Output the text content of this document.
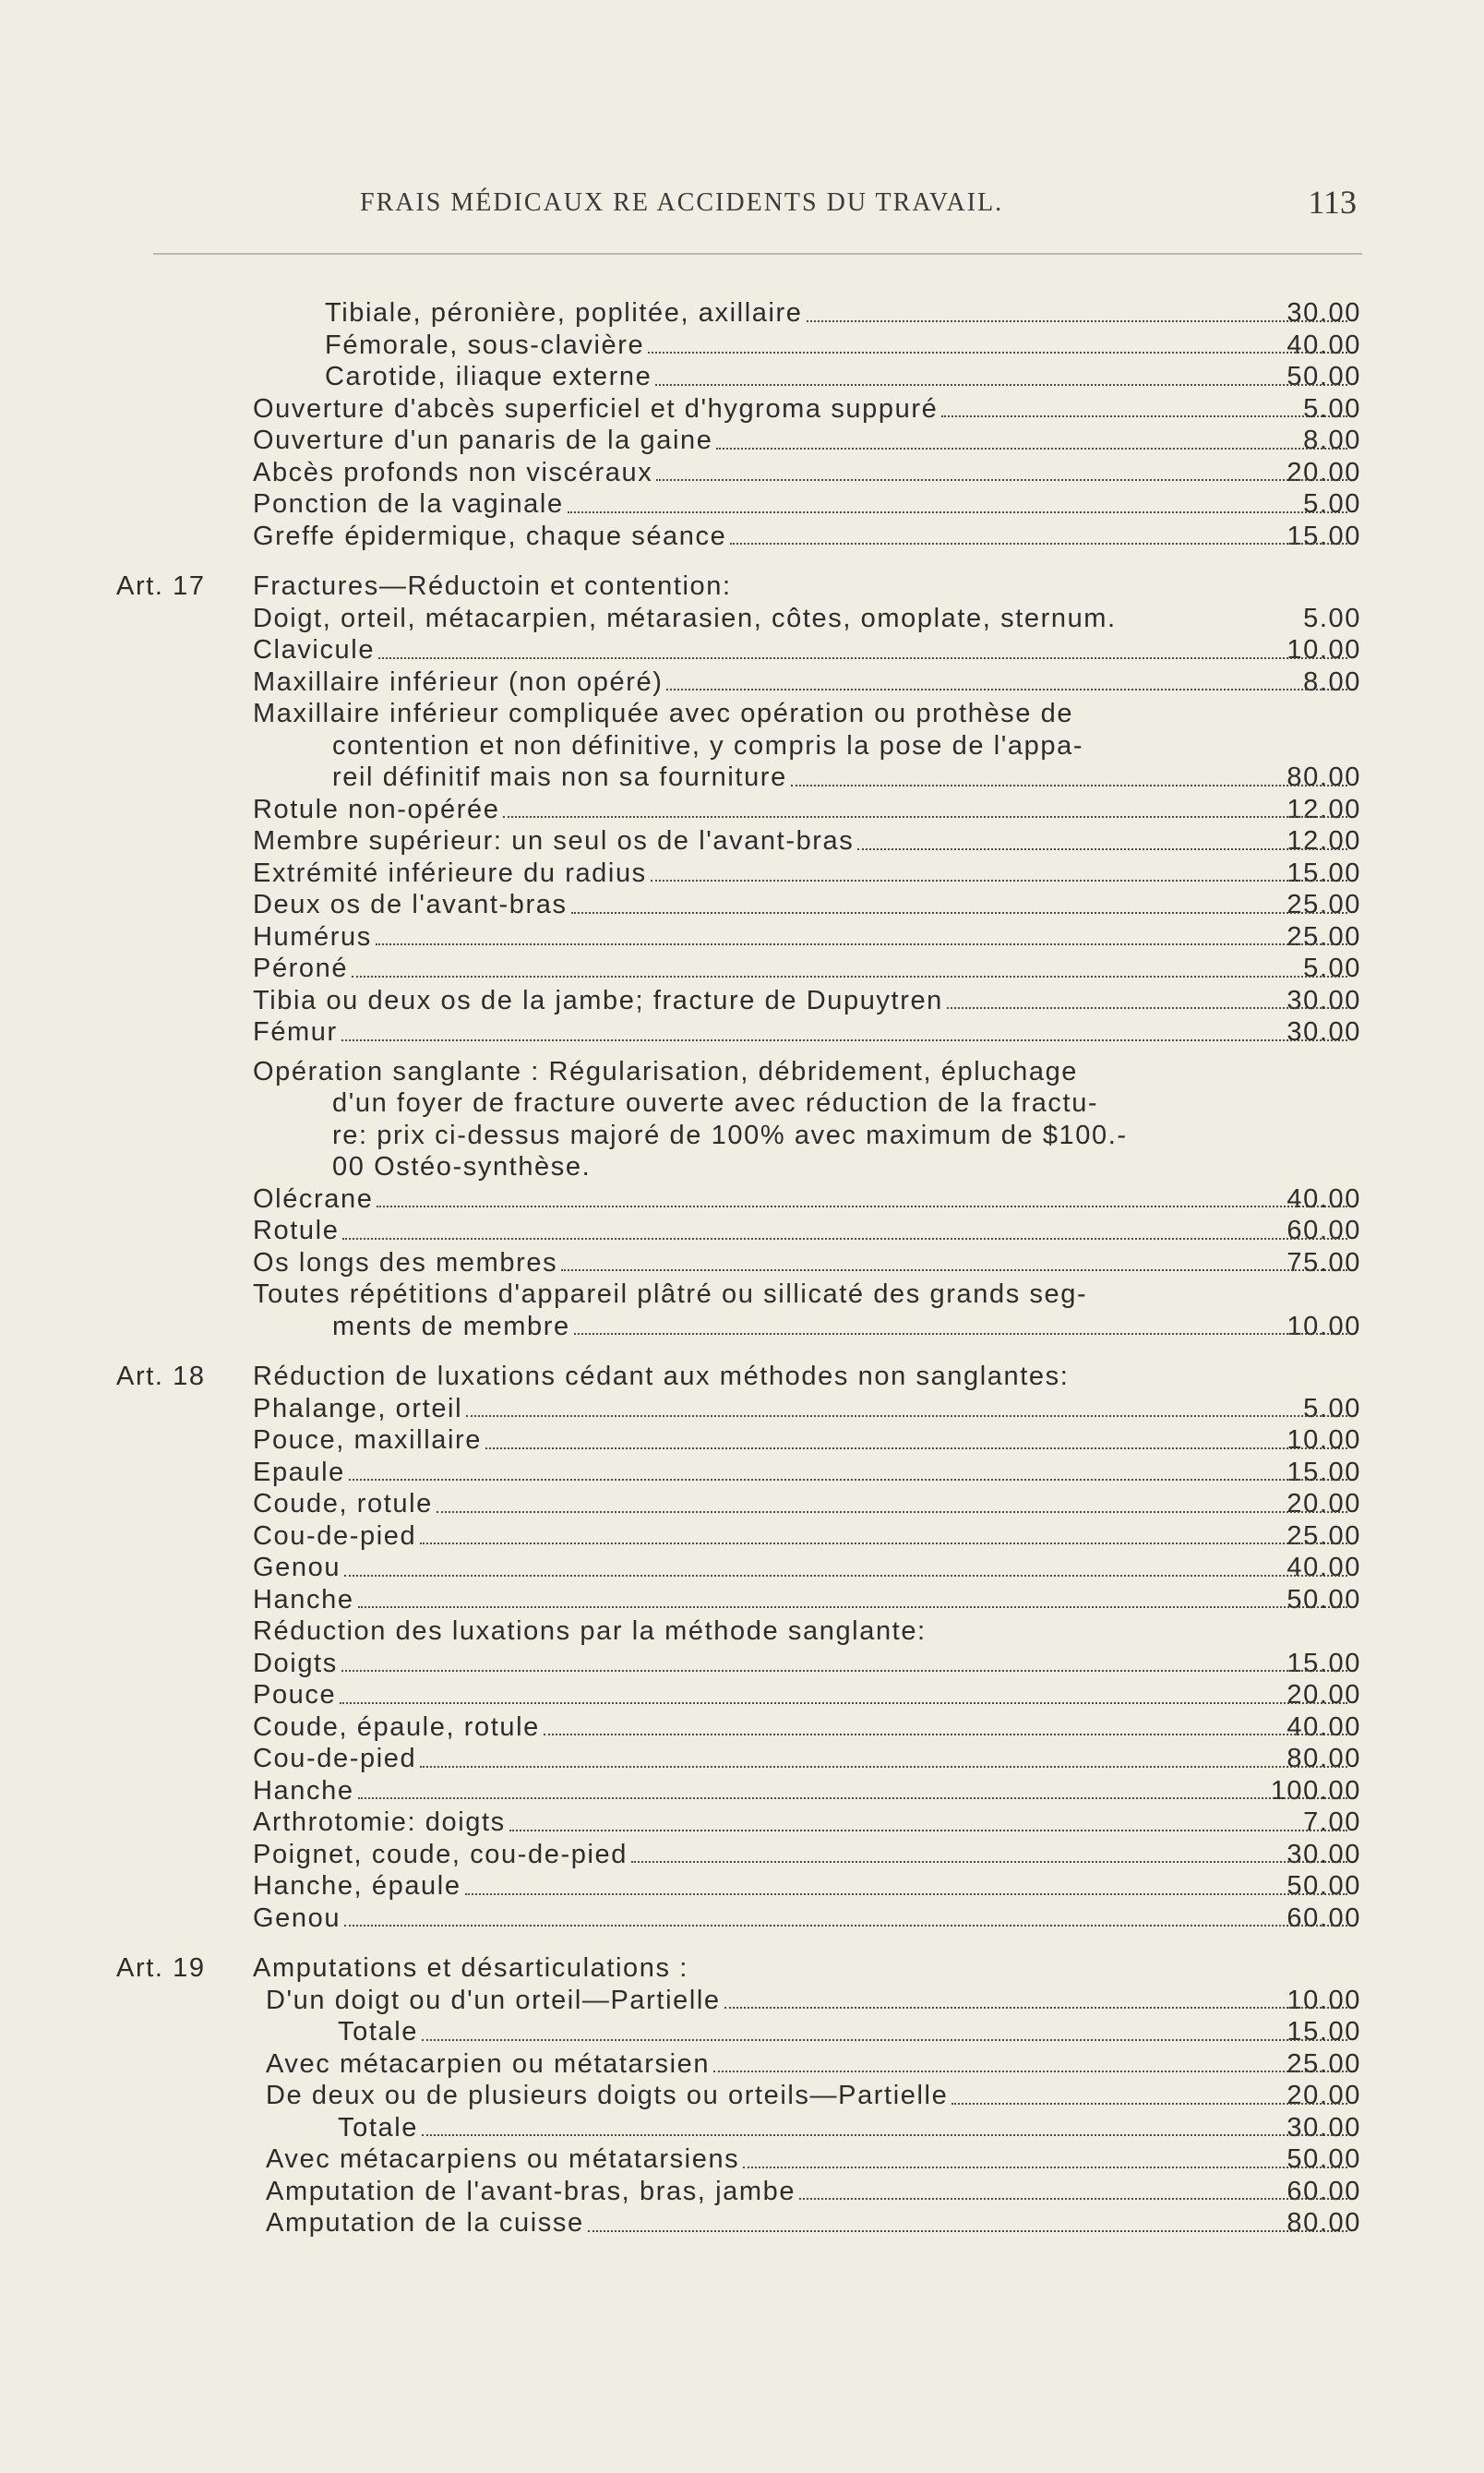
FRAIS MÉDICAUX RE ACCIDENTS DU TRAVAIL.	113
Tibiale, péronière, poplitée, axillaire	30.00
Fémorale, sous-clavière	40.00
Carotide, iliaque externe	50.00
Ouverture d'abcès superficiel et d'hygroma suppuré	5.00
Ouverture d'un panaris de la gaine	8.00
Abcès profonds non viscéraux	20.00
Ponction de la vaginale	5.00
Greffe épidermique, chaque séance	15.00
Art. 17 Fractures—Réductoin et contention:
Doigt, orteil, métacarpien, métarasien, côtes, omoplate, sternum.	5.00
Clavicule	10.00
Maxillaire inférieur (non opéré)	8.00
Maxillaire inférieur compliquée avec opération ou prothèse de
contention et non définitive, y compris la pose de l'appa-
reil définitif mais non sa fourniture	80.00
Rotule non-opérée	12.00
Membre supérieur: un seul os de l'avant-bras	12.00
Extrémité inférieure du radius	15.00
Deux os de l'avant-bras	25.00
Humérus	25.00
Péroné	5.00
Tibia ou deux os de la jambe; fracture de Dupuytren	30.00
Fémur	30.00
Opération sanglante : Régularisation, débridement, épluchage
d'un foyer de fracture ouverte avec réduction de la fractu-
re: prix ci-dessus majoré de 100% avec maximum de $100.-
00 Ostéo-synthèse.
Olécrane	40.00
Rotule	60.00
Os longs des membres	75.00
Toutes répétitions d'appareil plâtré ou sillicaté des grands seg-
ments de membre	10.00
Art. 18 Réduction de luxations cédant aux méthodes non sanglantes:
Phalange, orteil	5.00
Pouce, maxillaire	10.00
Epaule	15.00
Coude, rotule	20.00
Cou-de-pied	25.00
Genou	40.00
Hanche	50.00
Réduction des luxations par la méthode sanglante:
Doigts	15.00
Pouce	20.00
Coude, épaule, rotule	40.00
Cou-de-pied	80.00
Hanche	100.00
Arthrotomie: doigts	7.00
Poignet, coude, cou-de-pied	30.00
Hanche, épaule	50.00
Genou	60.00
Art. 19 Amputations et désarticulations :
D'un doigt ou d'un orteil—Partielle	10.00
Totale	15.00
Avec métacarpien ou métatarsien	25.00
De deux ou de plusieurs doigts ou orteils—Partielle	20.00
Totale	30.00
Avec métacarpiens ou métatarsiens	50.00
Amputation de l'avant-bras, bras, jambe	60.00
Amputation de la cuisse	80.00
